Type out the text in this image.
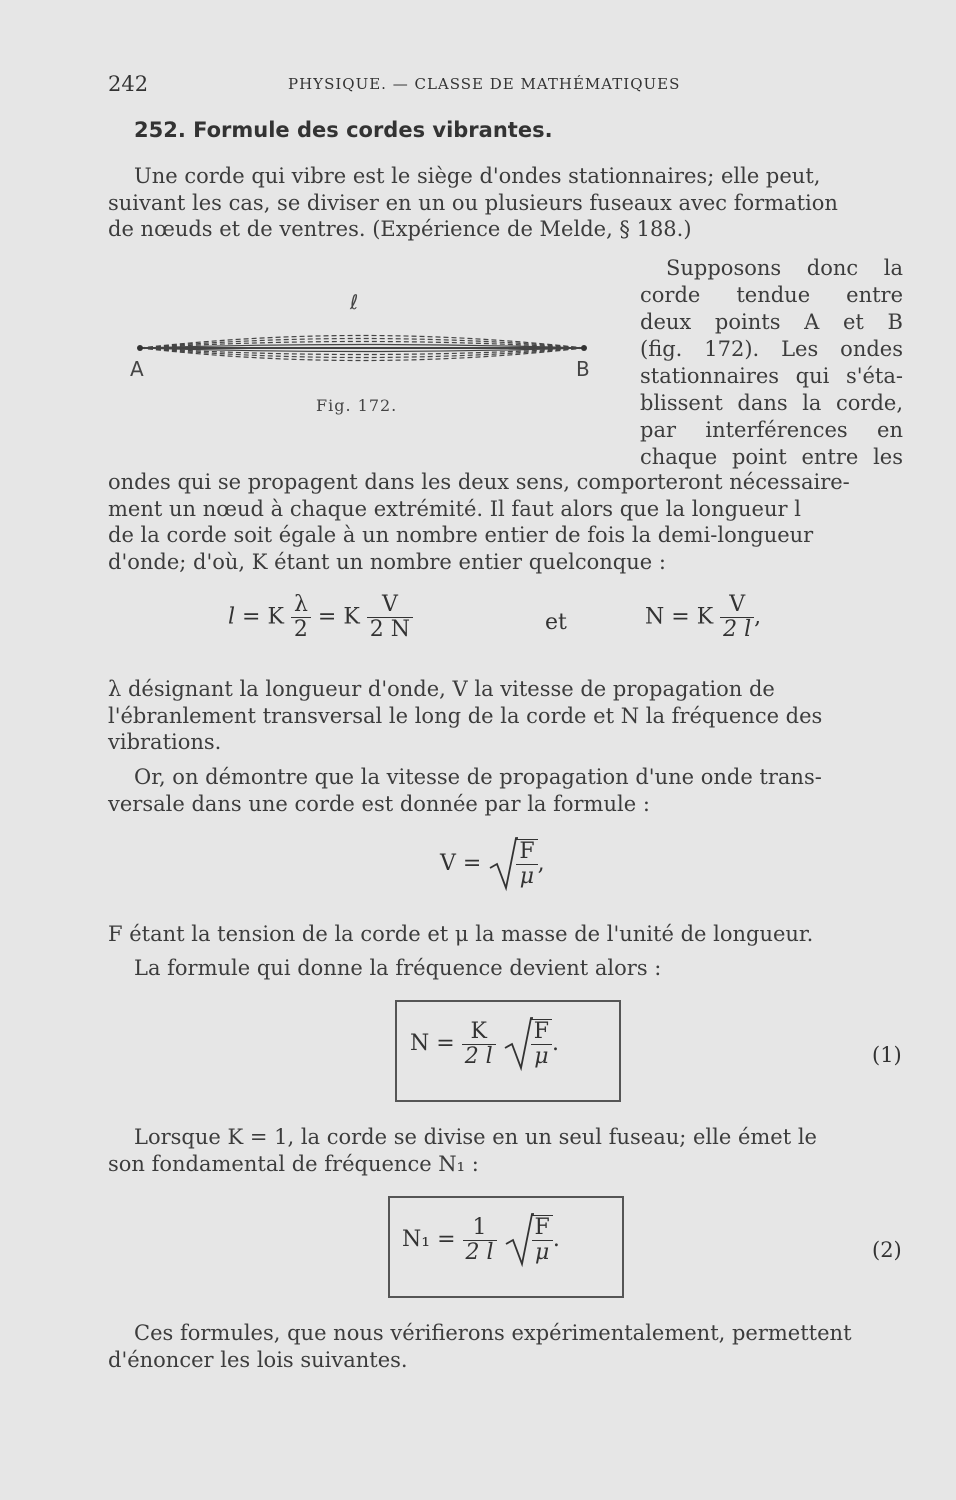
242	PHYSIQUE. — CLASSE DE MATHÉMATIQUES
252. Formule des cordes vibrantes.
Une corde qui vibre est le siège d'ondes stationnaires; elle peut,
suivant les cas, se diviser en un ou plusieurs fuseaux avec formation
de nœuds et de ventres. (Expérience de Melde, § 188.)
ℓ
A	B
Fig. 172.
Supposons donc la
corde tendue entre
deux points A et B
(fig. 172). Les ondes
stationnaires qui s'éta-
blissent dans la corde,
par interférences en
chaque point entre les
ondes qui se propagent dans les deux sens, comporteront nécessaire-
ment un nœud à chaque extrémité. Il faut alors que la longueur l
de la corde soit égale à un nombre entier de fois la demi-longueur
d'onde; d'où, K étant un nombre entier quelconque :
l = K $\frac{\lambda}{2} = K \frac{V}{2 N}$	et	N = K $\frac{V}{2 l}$ ,
λ désignant la longueur d'onde, V la vitesse de propagation de
l'ébranlement transversal le long de la corde et N la fréquence des
vibrations.
Or, on démontre que la vitesse de propagation d'une onde trans-
versale dans une corde est donnée par la formule :
$V = \frac{F}{\mu}$ ,
F étant la tension de la corde et μ la masse de l'unité de longueur.
La formule qui donne la fréquence devient alors :
$N = \frac{K}{2 l}$
$\frac{F}{\mu}$ .	(1)
Lorsque K = 1, la corde se divise en un seul fuseau; elle émet le
son fondamental de fréquence N₁ :
$N_1 = \frac{1}{2 l}$
$\frac{F}{\mu}$ .	(2)
Ces formules, que nous vérifierons expérimentalement, permettent
d'énoncer les lois suivantes.
